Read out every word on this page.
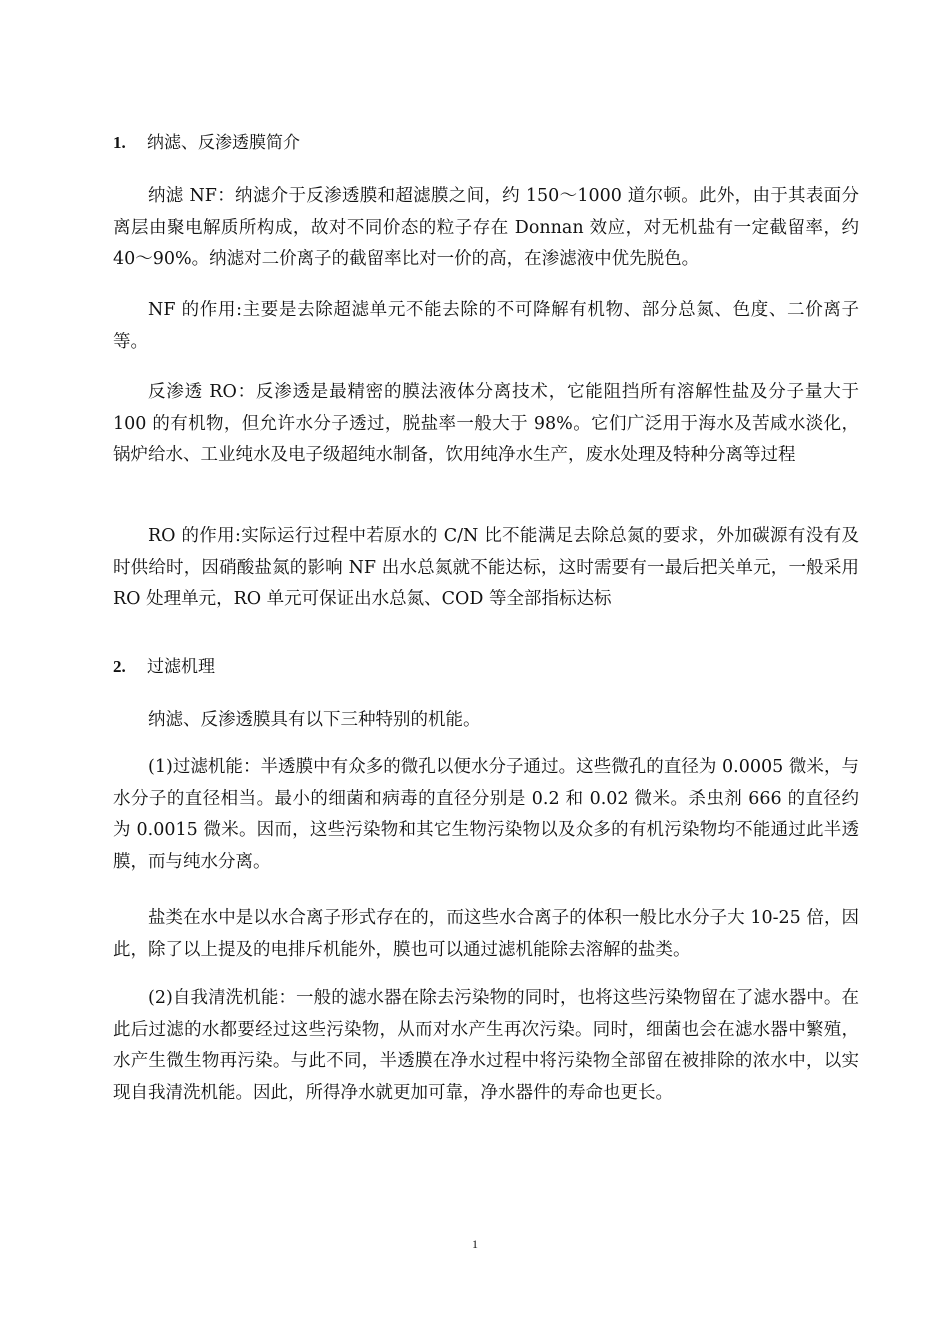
1. 纳滤、反渗透膜简介

纳滤 NF：纳滤介于反渗透膜和超滤膜之间，约 150～1000 道尔顿。此外，由于其表面分离层由聚电解质所构成，故对不同价态的粒子存在 Donnan 效应，对无机盐有一定截留率，约 40～90%。纳滤对二价离子的截留率比对一价的高，在渗滤液中优先脱色。

NF 的作用:主要是去除超滤单元不能去除的不可降解有机物、部分总氮、色度、二价离子等。

反渗透 RO：反渗透是最精密的膜法液体分离技术，它能阻挡所有溶解性盐及分子量大于 100 的有机物，但允许水分子透过，脱盐率一般大于 98%。它们广泛用于海水及苦咸水淡化，锅炉给水、工业纯水及电子级超纯水制备，饮用纯净水生产，废水处理及特种分离等过程

RO 的作用:实际运行过程中若原水的 C/N 比不能满足去除总氮的要求，外加碳源有没有及时供给时，因硝酸盐氮的影响 NF 出水总氮就不能达标，这时需要有一最后把关单元，一般采用 RO 处理单元，RO 单元可保证出水总氮、COD 等全部指标达标

2. 过滤机理

纳滤、反渗透膜具有以下三种特别的机能。

(1)过滤机能：半透膜中有众多的微孔以便水分子通过。这些微孔的直径为 0.0005 微米，与水分子的直径相当。最小的细菌和病毒的直径分别是 0.2 和 0.02 微米。杀虫剂 666 的直径约为 0.0015 微米。因而，这些污染物和其它生物污染物以及众多的有机污染物均不能通过此半透膜，而与纯水分离。

盐类在水中是以水合离子形式存在的，而这些水合离子的体积一般比水分子大 10-25 倍，因此，除了以上提及的电排斥机能外，膜也可以通过滤机能除去溶解的盐类。

(2)自我清洗机能：一般的滤水器在除去污染物的同时，也将这些污染物留在了滤水器中。在此后过滤的水都要经过这些污染物，从而对水产生再次污染。同时，细菌也会在滤水器中繁殖，水产生微生物再污染。与此不同，半透膜在净水过程中将污染物全部留在被排除的浓水中，以实现自我清洗机能。因此，所得净水就更加可靠，净水器件的寿命也更长。

1
